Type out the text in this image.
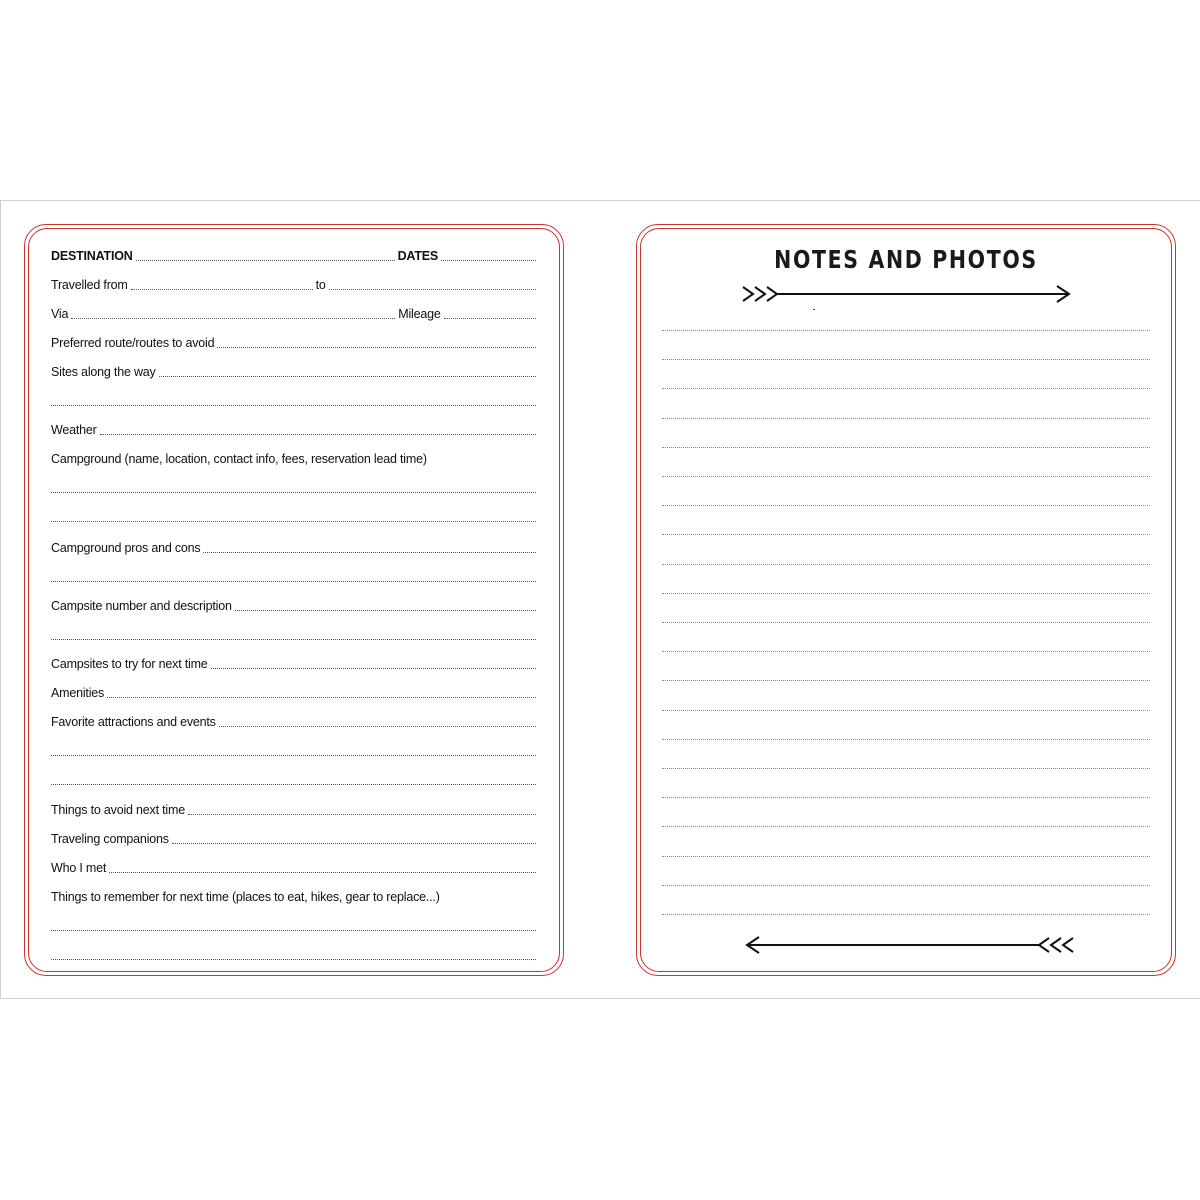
DESTINATION	DATES
Travelled from	to
Via	Mileage
Preferred route/routes to avoid
Sites along the way
Weather
Campground (name, location, contact info, fees, reservation lead time)
Campground pros and cons
Campsite number and description
Campsites to try for next time
Amenities
Favorite attractions and events
Things to avoid next time
Traveling companions
Who I met
Things to remember for next time (places to eat, hikes, gear to replace...)
NOTES AND PHOTOS
